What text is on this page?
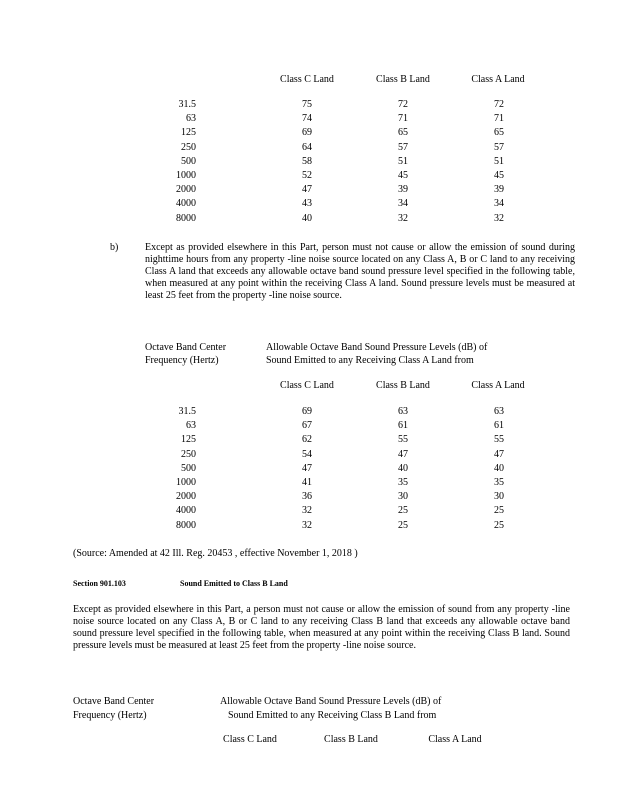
Class C Land	Class B Land	Class A Land
31.5	75	72	72
63	74	71	71
125	69	65	65
250	64	57	57
500	58	51	51
1000	52	45	45
2000	47	39	39
4000	43	34	34
8000	40	32	32
b)	Except as provided elsewhere in this Part, person must not cause or allow the emission of sound during nighttime hours from any property -line noise source located on any Class A, B or C land to any receiving Class A land that exceeds any allowable octave band sound pressure level specified in the following table, when measured at any point within the receiving Class A land. Sound pressure levels must be measured at least 25 feet from the property -line noise source.
Octave Band Center
Frequency (Hertz)
Allowable Octave Band Sound Pressure Levels (dB) of
Sound Emitted to any Receiving Class A Land from
Class C Land	Class B Land	Class A Land
31.5	69	63	63
63	67	61	61
125	62	55	55
250	54	47	47
500	47	40	40
1000	41	35	35
2000	36	30	30
4000	32	25	25
8000	32	25	25
(Source: Amended at 42 Ill. Reg. 20453 , effective November 1, 2018 )
Section 901.103	Sound Emitted to Class B Land
Except as provided elsewhere in this Part, a person must not cause or allow the emission of sound from any property -line noise source located on any Class A, B or C land to any receiving Class B land that exceeds any allowable octave band sound pressure level specified in the following table, when measured at any point within the receiving Class B land. Sound pressure levels must be measured at least 25 feet from the property -line noise source.
Octave Band Center
Frequency (Hertz)
Allowable Octave Band Sound Pressure Levels (dB) of
Sound Emitted to any Receiving Class B Land from
Class C Land	Class B Land	Class A Land
